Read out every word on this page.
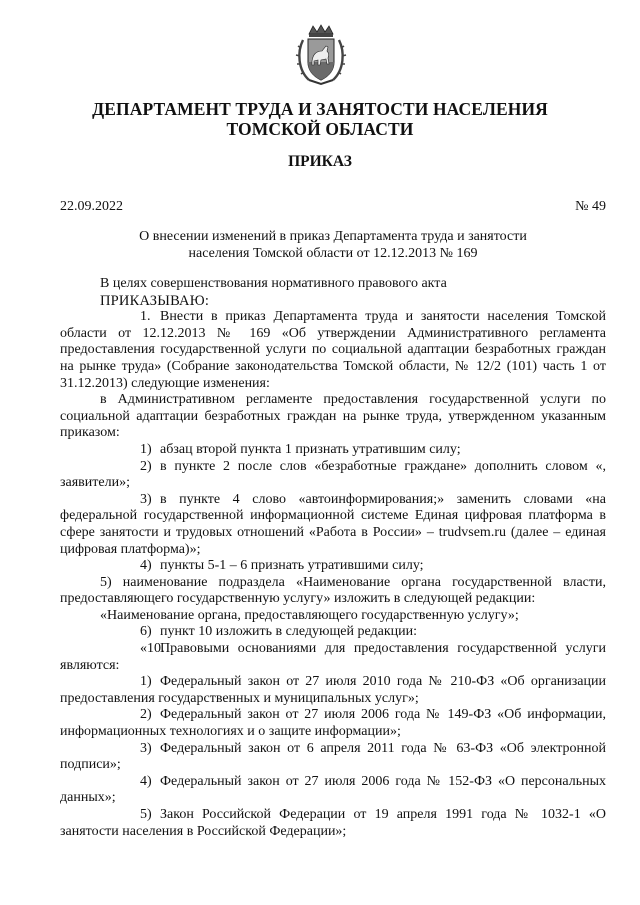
ДЕПАРТАМЕНТ ТРУДА И ЗАНЯТОСТИ НАСЕЛЕНИЯ
ТОМСКОЙ ОБЛАСТИ
ПРИКАЗ
22.09.2022	№ 49
О внесении изменений в приказ Департамента труда и занятости
населения Томской области от 12.12.2013 № 169

В целях совершенствования нормативного правового акта

ПРИКАЗЫВАЮ:

1. Внести в приказ Департамента труда и занятости населения Томской области от 12.12.2013 № 169 «Об утверждении Административного регламента предоставления государственной услуги по социальной адаптации безработных граждан на рынке труда» (Собрание законодательства Томской области, № 12/2 (101) часть 1 от 31.12.2013) следующие изменения:

в Административном регламенте предоставления государственной услуги по социальной адаптации безработных граждан на рынке труда, утвержденном указанным приказом:

1) абзац второй пункта 1 признать утратившим силу;

2) в пункте 2 после слов «безработные граждане» дополнить словом «, заявители»;

3) в пункте 4 слово «автоинформирования;» заменить словами «на федеральной государственной информационной системе Единая цифровая платформа в сфере занятости и трудовых отношений «Работа в России» – trudvsem.ru (далее – единая цифровая платформа)»;

4) пункты 5-1 – 6 признать утратившими силу;

5) наименование подраздела «Наименование органа государственной власти, предоставляющего государственную услугу» изложить в следующей редакции:

«Наименование органа, предоставляющего государственную услугу»;

6) пункт 10 изложить в следующей редакции:

«10.Правовыми основаниями для предоставления государственной услуги являются:

1) Федеральный закон от 27 июля 2010 года № 210-ФЗ «Об организации предоставления государственных и муниципальных услуг»;

2) Федеральный закон от 27 июля 2006 года № 149-ФЗ «Об информации, информационных технологиях и о защите информации»;

3) Федеральный закон от 6 апреля 2011 года № 63-ФЗ «Об электронной подписи»;

4) Федеральный закон от 27 июля 2006 года № 152-ФЗ «О персональных данных»;

5) Закон Российской Федерации от 19 апреля 1991 года № 1032-1 «О занятости населения в Российской Федерации»;
